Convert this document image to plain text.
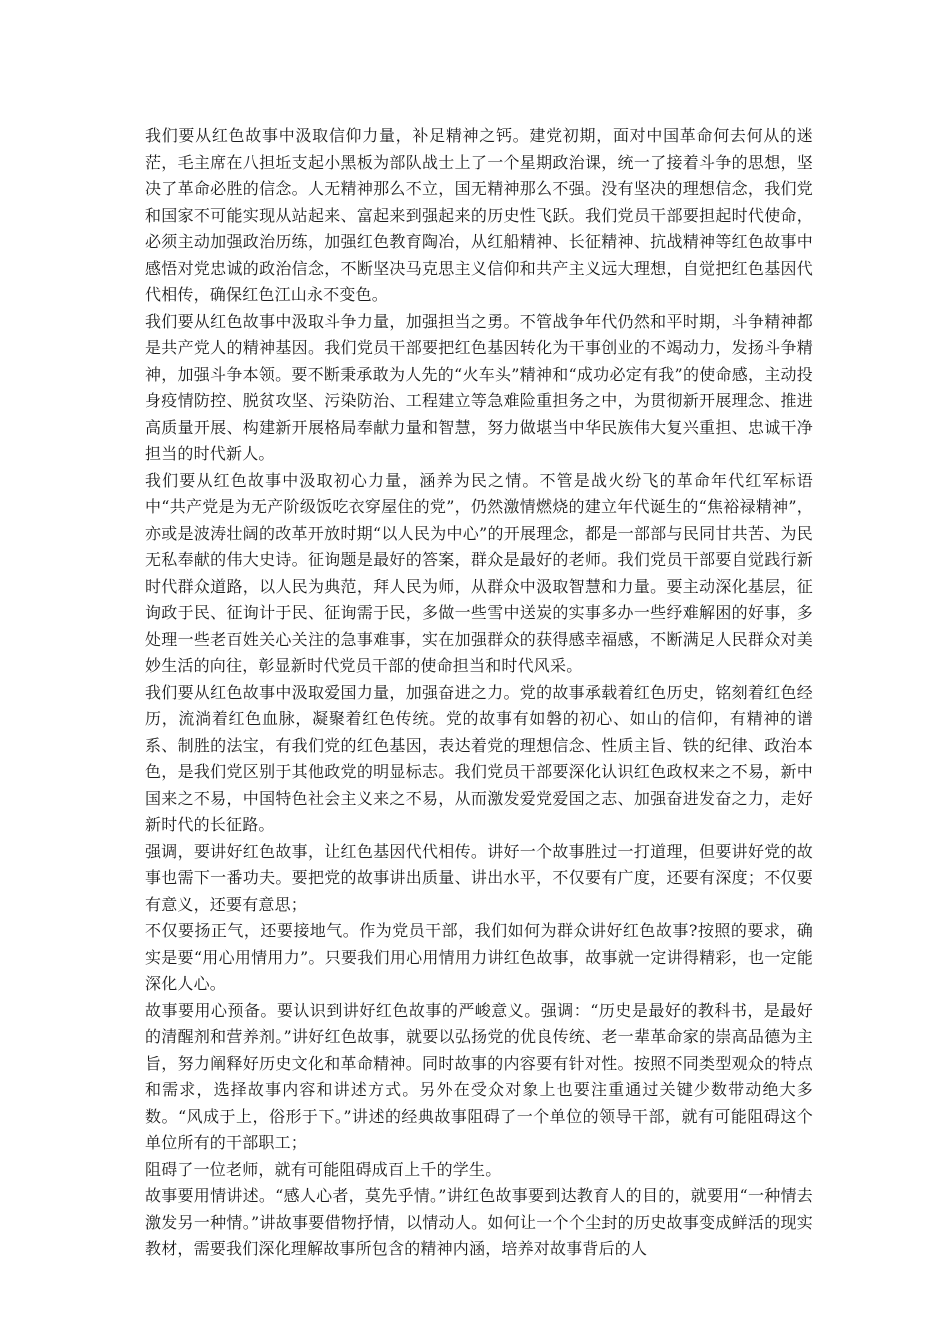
我们要从红色故事中汲取信仰力量，补足精神之钙。建党初期，面对中国革命何去何从的迷茫，毛主席在八担坵支起小黑板为部队战士上了一个星期政治课，统一了接着斗争的思想，坚决了革命必胜的信念。人无精神那么不立，国无精神那么不强。没有坚决的理想信念，我们党和国家不可能实现从站起来、富起来到强起来的历史性飞跃。我们党员干部要担起时代使命，必须主动加强政治历练，加强红色教育陶冶，从红船精神、长征精神、抗战精神等红色故事中感悟对党忠诚的政治信念，不断坚决马克思主义信仰和共产主义远大理想，自觉把红色基因代代相传，确保红色江山永不变色。

我们要从红色故事中汲取斗争力量，加强担当之勇。不管战争年代仍然和平时期，斗争精神都是共产党人的精神基因。我们党员干部要把红色基因转化为干事创业的不竭动力，发扬斗争精神，加强斗争本领。要不断秉承敢为人先的“火车头”精神和“成功必定有我”的使命感，主动投身疫情防控、脱贫攻坚、污染防治、工程建立等急难险重担务之中，为贯彻新开展理念、推进高质量开展、构建新开展格局奉献力量和智慧，努力做堪当中华民族伟大复兴重担、忠诚干净担当的时代新人。

我们要从红色故事中汲取初心力量，涵养为民之情。不管是战火纷飞的革命年代红军标语中“共产党是为无产阶级饭吃衣穿屋住的党”，仍然激情燃烧的建立年代诞生的“焦裕禄精神”，亦或是波涛壮阔的改革开放时期“以人民为中心”的开展理念，都是一部部与民同甘共苦、为民无私奉献的伟大史诗。征询题是最好的答案，群众是最好的老师。我们党员干部要自觉践行新时代群众道路，以人民为典范，拜人民为师，从群众中汲取智慧和力量。要主动深化基层，征询政于民、征询计于民、征询需于民，多做一些雪中送炭的实事多办一些纾难解困的好事，多处理一些老百姓关心关注的急事难事，实在加强群众的获得感幸福感，不断满足人民群众对美妙生活的向往，彰显新时代党员干部的使命担当和时代风采。

我们要从红色故事中汲取爱国力量，加强奋进之力。党的故事承载着红色历史，铭刻着红色经历，流淌着红色血脉，凝聚着红色传统。党的故事有如磐的初心、如山的信仰，有精神的谱系、制胜的法宝，有我们党的红色基因，表达着党的理想信念、性质主旨、铁的纪律、政治本色，是我们党区别于其他政党的明显标志。我们党员干部要深化认识红色政权来之不易，新中国来之不易，中国特色社会主义来之不易，从而激发爱党爱国之志、加强奋进发奋之力，走好新时代的长征路。

强调，要讲好红色故事，让红色基因代代相传。讲好一个故事胜过一打道理，但要讲好党的故事也需下一番功夫。要把党的故事讲出质量、讲出水平，不仅要有广度，还要有深度；不仅要有意义，还要有意思；

不仅要扬正气，还要接地气。作为党员干部，我们如何为群众讲好红色故事?按照的要求，确实是要“用心用情用力”。只要我们用心用情用力讲红色故事，故事就一定讲得精彩，也一定能深化人心。

故事要用心预备。要认识到讲好红色故事的严峻意义。强调：“历史是最好的教科书，是最好的清醒剂和营养剂。”讲好红色故事，就要以弘扬党的优良传统、老一辈革命家的崇高品德为主旨，努力阐释好历史文化和革命精神。同时故事的内容要有针对性。按照不同类型观众的特点和需求，选择故事内容和讲述方式。另外在受众对象上也要注重通过关键少数带动绝大多数。“风成于上，俗形于下。”讲述的经典故事阻碍了一个单位的领导干部，就有可能阻碍这个单位所有的干部职工；

阻碍了一位老师，就有可能阻碍成百上千的学生。

故事要用情讲述。“感人心者，莫先乎情。”讲红色故事要到达教育人的目的，就要用“一种情去激发另一种情。”讲故事要借物抒情，以情动人。如何让一个个尘封的历史故事变成鲜活的现实教材，需要我们深化理解故事所包含的精神内涵，培养对故事背后的人
